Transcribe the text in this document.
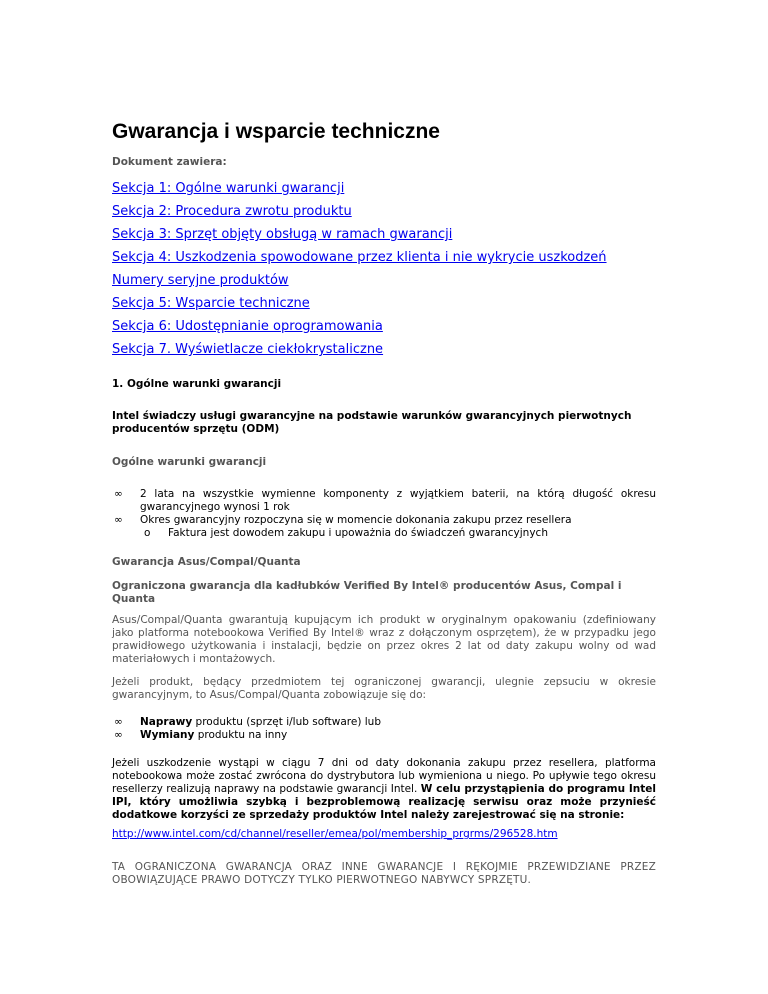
Gwarancja i wsparcie techniczne
Dokument zawiera:
Sekcja 1: Ogólne warunki gwarancji
Sekcja 2: Procedura zwrotu produktu
Sekcja 3: Sprzęt objęty obsługą w ramach gwarancji
Sekcja 4: Uszkodzenia spowodowane przez klienta i nie wykrycie uszkodzeń
Numery seryjne produktów
Sekcja 5: Wsparcie techniczne
Sekcja 6: Udostępnianie oprogramowania
Sekcja 7. Wyświetlacze ciekłokrystaliczne
1. Ogólne warunki gwarancji
Intel świadczy usługi gwarancyjne na podstawie warunków gwarancyjnych pierwotnych producentów sprzętu (ODM)
Ogólne warunki gwarancji
∞ 2 lata na wszystkie wymienne komponenty z wyjątkiem baterii, na którą długość okresu gwarancyjnego wynosi 1 rok
∞ Okres gwarancyjny rozpoczyna się w momencie dokonania zakupu przez resellera
o Faktura jest dowodem zakupu i upoważnia do świadczeń gwarancyjnych
Gwarancja Asus/Compal/Quanta
Ograniczona gwarancja dla kadłubków Verified By Intel® producentów Asus, Compal i Quanta

Asus/Compal/Quanta gwarantują kupującym ich produkt w oryginalnym opakowaniu (zdefiniowany jako platforma notebookowa Verified By Intel® wraz z dołączonym osprzętem), że w przypadku jego prawidłowego użytkowania i instalacji, będzie on przez okres 2 lat od daty zakupu wolny od wad materiałowych i montażowych.

Jeżeli produkt, będący przedmiotem tej ograniczonej gwarancji, ulegnie zepsuciu w okresie gwarancyjnym, to Asus/Compal/Quanta zobowiązuje się do:

∞ Naprawy produktu (sprzęt i/lub software) lub
∞ Wymiany produktu na inny

Jeżeli uszkodzenie wystąpi w ciągu 7 dni od daty dokonania zakupu przez resellera, platforma notebookowa może zostać zwrócona do dystrybutora lub wymieniona u niego. Po upływie tego okresu resellerzy realizują naprawy na podstawie gwarancji Intel. W celu przystąpienia do programu Intel IPI, który umożliwia szybką i bezproblemową realizację serwisu oraz może przynieść dodatkowe korzyści ze sprzedaży produktów Intel należy zarejestrować się na stronie:

http://www.intel.com/cd/channel/reseller/emea/pol/membership_prgrms/296528.htm
TA OGRANICZONA GWARANCJA ORAZ INNE GWARANCJE I RĘKOJMIE PRZEWIDZIANE PRZEZ OBOWIĄZUJĄCE PRAWO DOTYCZY TYLKO PIERWOTNEGO NABYWCY SPRZĘTU.
